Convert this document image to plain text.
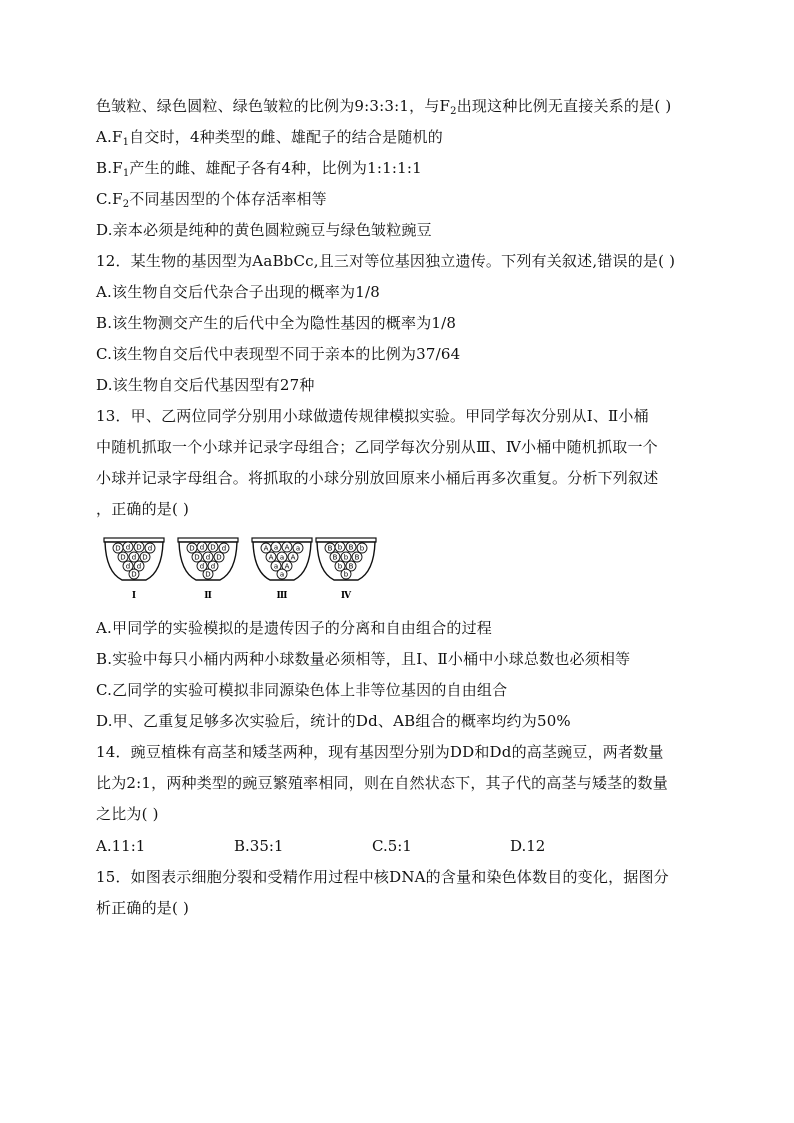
色皱粒、绿色圆粒、绿色皱粒的比例为9:3:3:1，与$F_2$出现这种比例无直接关系的是( )
$A.F_1$自交时，4种类型的雌、雄配子的结合是随机的
$B.F_1$产生的雌、雄配子各有4种，比例为1:1:1:1
$C.F_2$不同基因型的个体存活率相等
D.亲本必须是纯种的黄色圆粒豌豆与绿色皱粒豌豆
12．某生物的基因型为AaBbCc,且三对等位基因独立遗传。下列有关叙述,错误的是( )
A.该生物自交后代杂合子出现的概率为1/8
B.该生物测交产生的后代中全为隐性基因的概率为1/8
C.该生物自交后代中表现型不同于亲本的比例为37/64
D.该生物自交后代基因型有27种
13．甲、乙两位同学分别用小球做遗传规律模拟实验。甲同学每次分别从Ⅰ、Ⅱ小桶
中随机抓取一个小球并记录字母组合；乙同学每次分别从Ⅲ、Ⅳ小桶中随机抓取一个
小球并记录字母组合。将抓取的小球分别放回原来小桶后再多次重复。分析下列叙述
，正确的是( )
D d D d
D d D
d d
D
Ⅰ
D d D d
D d D
d d
D
Ⅱ
A a A a
A a A
a A
a
Ⅲ
B b B b
B b B
b B
b
Ⅳ
A.甲同学的实验模拟的是遗传因子的分离和自由组合的过程
B.实验中每只小桶内两种小球数量必须相等，且Ⅰ、Ⅱ小桶中小球总数也必须相等
C.乙同学的实验可模拟非同源染色体上非等位基因的自由组合
D.甲、乙重复足够多次实验后，统计的Dd、AB组合的概率均约为50%
14．豌豆植株有高茎和矮茎两种，现有基因型分别为DD和Dd的高茎豌豆，两者数量
比为2:1，两种类型的豌豆繁殖率相同，则在自然状态下，其子代的高茎与矮茎的数量
之比为( )
A.11:1	B.35:1	C.5:1	D.12
15．如图表示细胞分裂和受精作用过程中核DNA的含量和染色体数目的变化，据图分
析正确的是( )
